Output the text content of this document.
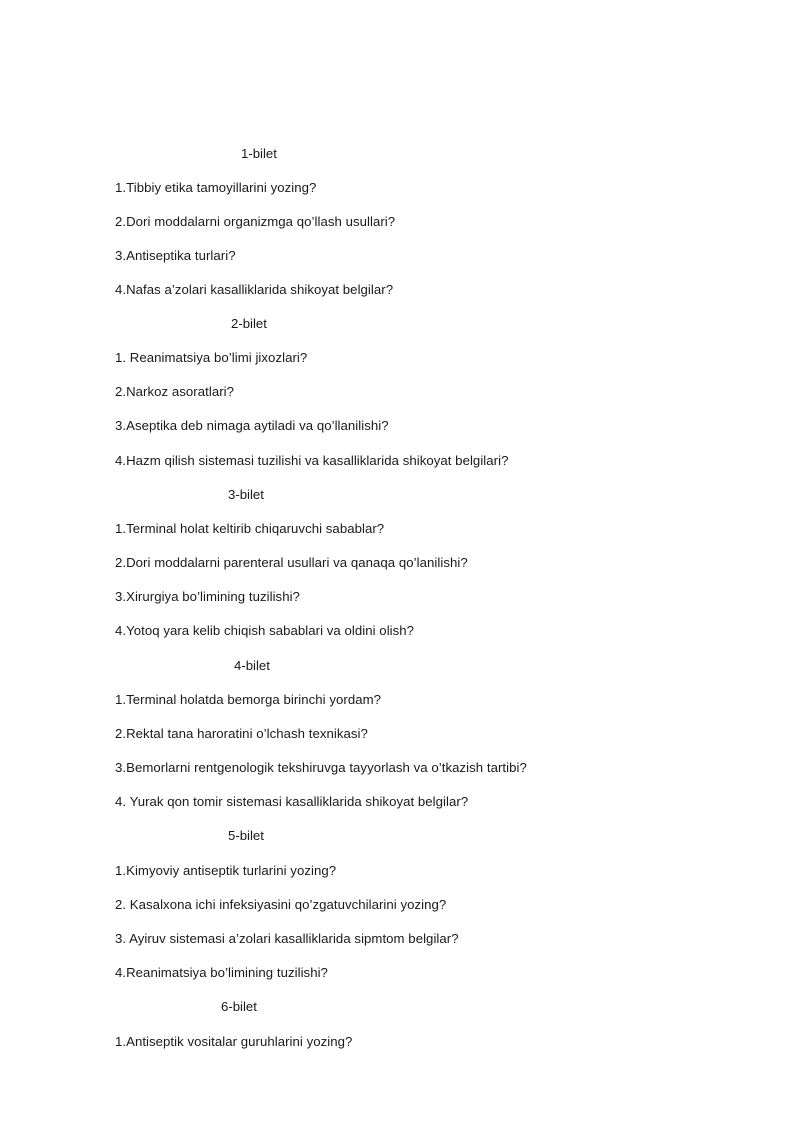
1-bilet
1.Tibbiy etika tamoyillarini yozing?
2.Dori moddalarni organizmga qo’llash usullari?
3.Antiseptika turlari?
4.Nafas a’zolari kasalliklarida shikoyat belgilar?
2-bilet
1. Reanimatsiya bo’limi jixozlari?
2.Narkoz asoratlari?
3.Aseptika deb nimaga aytiladi va qo’llanilishi?
4.Hazm qilish sistemasi tuzilishi va kasalliklarida shikoyat belgilari?
3-bilet
1.Terminal holat keltirib chiqaruvchi sabablar?
2.Dori moddalarni parenteral usullari va qanaqa qo’lanilishi?
3.Xirurgiya bo’limining tuzilishi?
4.Yotoq yara kelib chiqish sabablari va oldini olish?
4-bilet
1.Terminal holatda bemorga birinchi yordam?
2.Rektal tana haroratini o’lchash texnikasi?
3.Bemorlarni rentgenologik tekshiruvga tayyorlash va o’tkazish tartibi?
4. Yurak qon tomir sistemasi kasalliklarida shikoyat belgilar?
5-bilet
1.Kimyoviy antiseptik turlarini yozing?
2. Kasalxona ichi infeksiyasini qo’zgatuvchilarini yozing?
3. Ayiruv sistemasi a’zolari kasalliklarida sipmtom belgilar?
4.Reanimatsiya bo’limining tuzilishi?
6-bilet
1.Antiseptik vositalar guruhlarini yozing?
